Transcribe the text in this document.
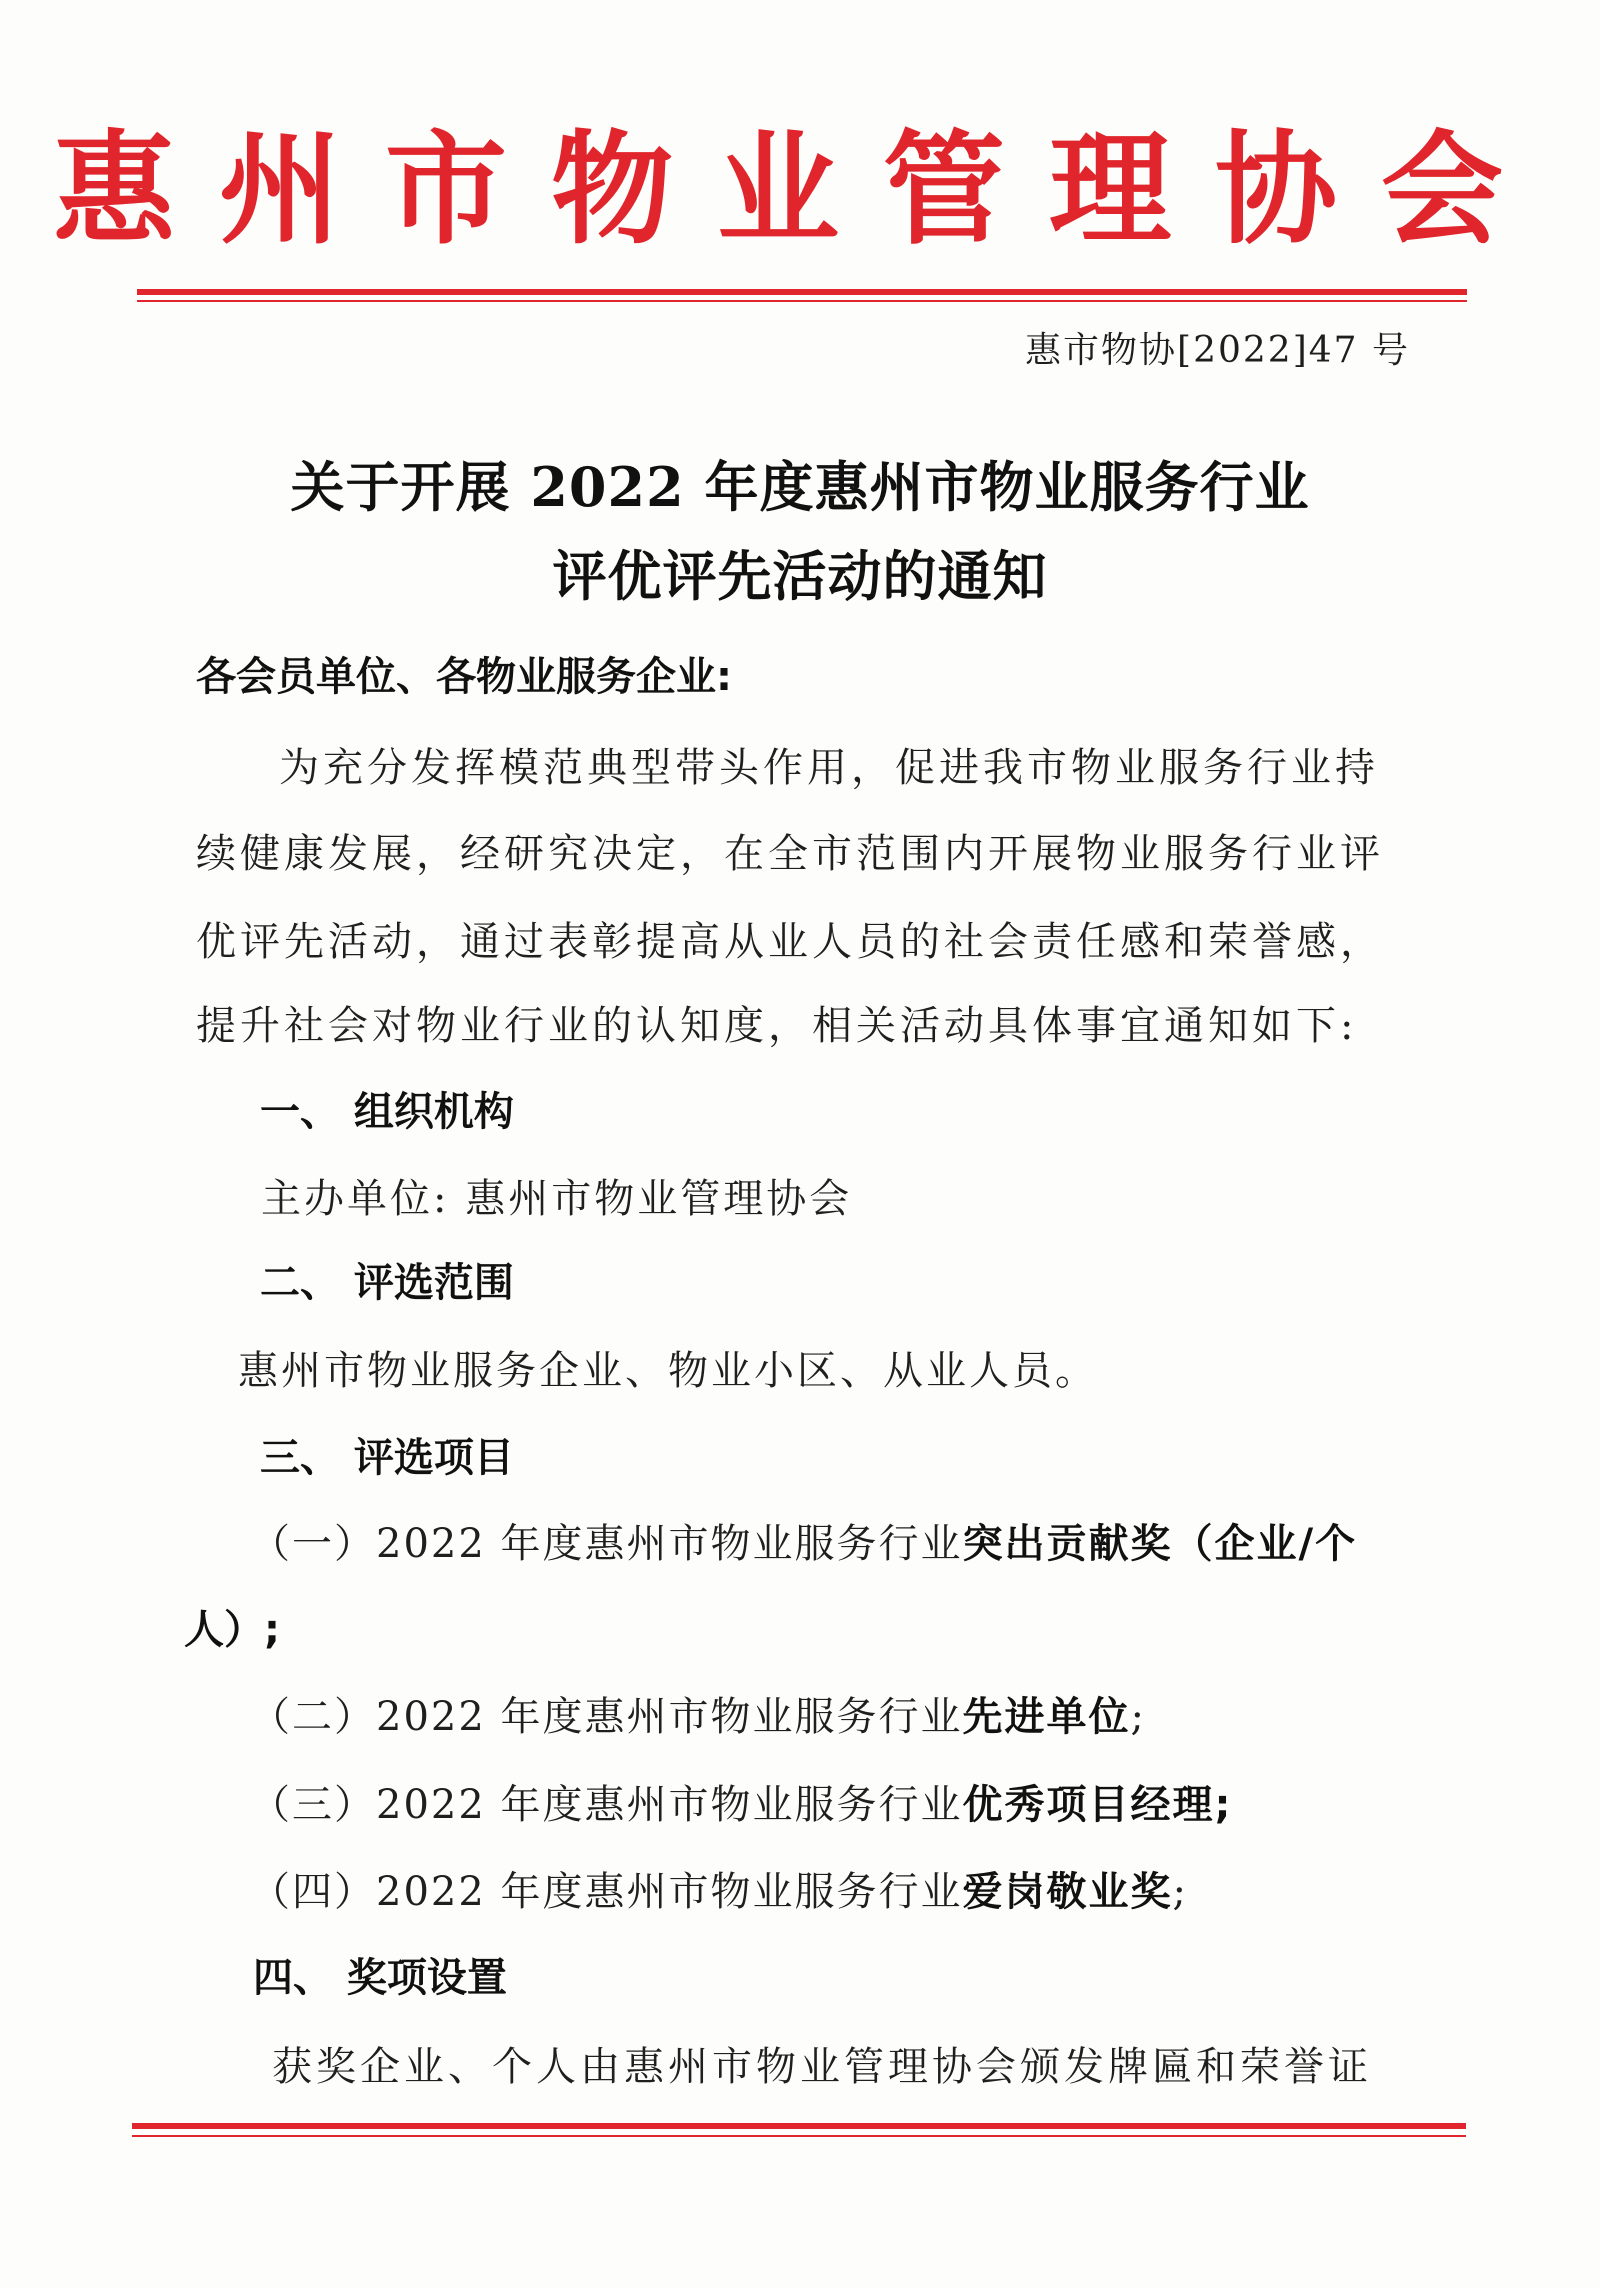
惠州市物业管理协会
惠市物协[2022]47 号
关于开展 2022 年度惠州市物业服务行业
评优评先活动的通知
各会员单位、各物业服务企业:
为充分发挥模范典型带头作用，促进我市物业服务行业持
续健康发展，经研究决定，在全市范围内开展物业服务行业评
优评先活动，通过表彰提高从业人员的社会责任感和荣誉感，
提升社会对物业行业的认知度，相关活动具体事宜通知如下:
一、 组织机构
主办单位: 惠州市物业管理协会
二、 评选范围
惠州市物业服务企业、物业小区、从业人员。
三、 评选项目
（一）2022 年度惠州市物业服务行业突出贡献奖（企业/个
人）;
（二）2022 年度惠州市物业服务行业先进单位;
（三）2022 年度惠州市物业服务行业优秀项目经理;
（四）2022 年度惠州市物业服务行业爱岗敬业奖;
四、 奖项设置
获奖企业、个人由惠州市物业管理协会颁发牌匾和荣誉证
